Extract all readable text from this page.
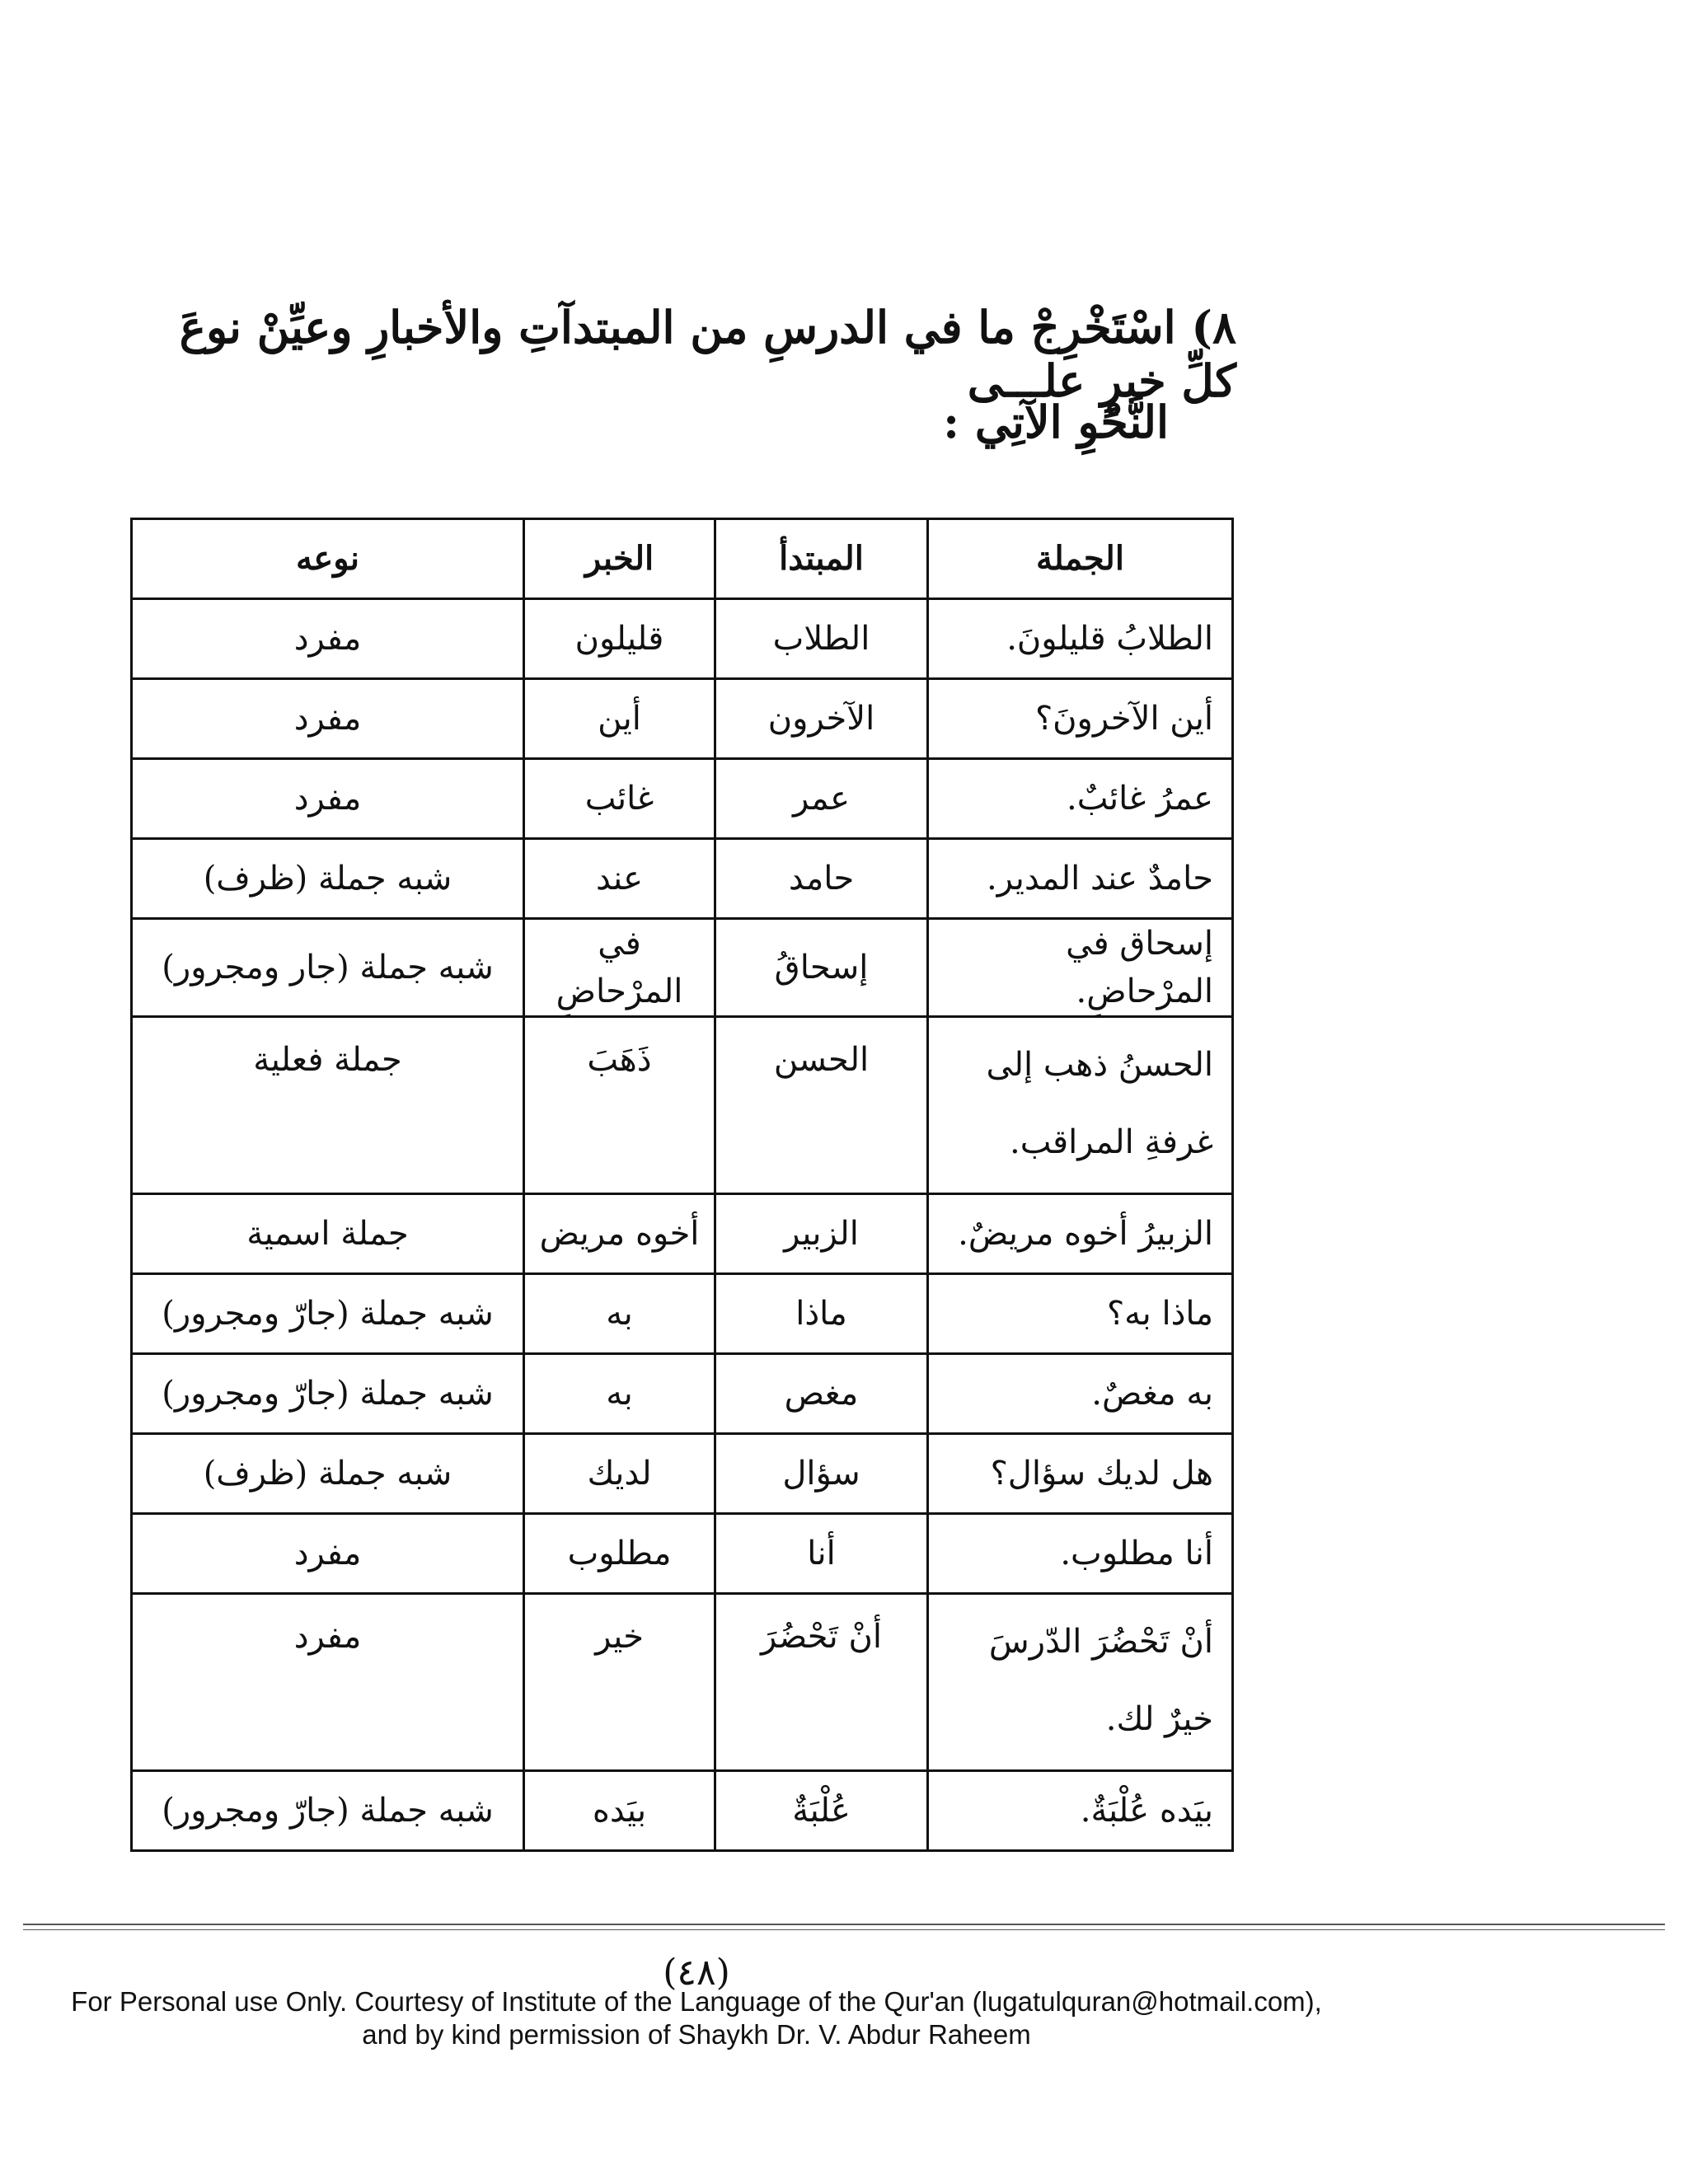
٨) اسْتَخْرِجْ ما في الدرسِ من المبتدآتِ والأخبارِ وعيِّنْ نوعَ كلِّ خبرٍ علـــى
النَّحْوِ الآتِي :
الجملة	المبتدأ	الخبر	نوعه
الطلابُ قليلونَ.	الطلاب	قليلون	مفرد
أين الآخرونَ؟	الآخرون	أين	مفرد
عمرُ غائبٌ.	عمر	غائب	مفرد
حامدٌ عند المدير.	حامد	عند	شبه جملة (ظرف)
إسحاق في المرْحاضِ.	إسحاقُ	في المرْحاضِ	شبه جملة (جار ومجرور)
الحسنُ ذهب إلى غرفةِ المراقب.	الحسن	ذَهَبَ	جملة فعلية
الزبيرُ أخوه مريضٌ.	الزبير	أخوه مريض	جملة اسمية
ماذا به؟	ماذا	به	شبه جملة (جارّ ومجرور)
به مغصٌ.	مغص	به	شبه جملة (جارّ ومجرور)
هل لديك سؤال؟	سؤال	لديك	شبه جملة (ظرف)
أنا مطلوب.	أنا	مطلوب	مفرد
أنْ تَحْضُرَ الدّرسَ خيرٌ لك.	أنْ تَحْضُرَ	خير	مفرد
بيَده عُلْبَةٌ.	عُلْبَةٌ	بيَده	شبه جملة (جارّ ومجرور)
(٤٨)
For Personal use Only. Courtesy of Institute of the Language of the Qur'an (lugatulquran@hotmail.com),
and by kind permission of Shaykh Dr. V. Abdur Raheem
